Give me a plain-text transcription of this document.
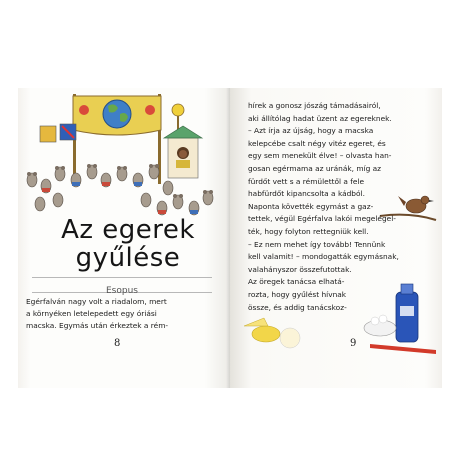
Az egerek
gyűlése
Esopus
Egérfalván nagy volt a riadalom, mert
a környéken letelepedett egy óriási
macska. Egymás után érkeztek a rém-
8
hírek a gonosz jószág támadásairól,
aki állítólag hadat üzent az egereknek.
– Azt írja az újság, hogy a macska
kelepcébe csalt négy vitéz egeret, és
egy sem menekült élve! – olvasta han-
gosan egérmama az uránák, míg az
fürdőt vett s a rémülettől a fele
habfürdőt kipancsolta a kádból.
Naponta követték egymást a gaz-
tettek, végül Egérfalva lakói megelégel-
ték, hogy folyton rettegniük kell.
– Ez nem mehet így tovább! Tennünk
kell valamit! – mondogatták egymásnak,
valahányszor összefutottak.
Az öregek tanácsa elhatá-
rozta, hogy gyűlést hívnak
össze, és addig tanácskoz-
9
